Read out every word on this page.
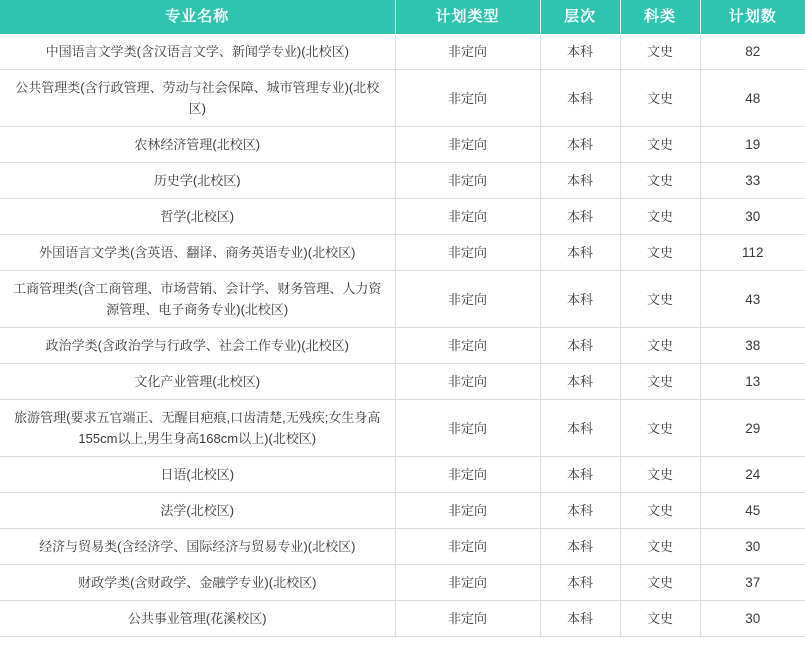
专业名称	计划类型	层次	科类	计划数
中国语言文学类(含汉语言文学、新闻学专业)(北校区)	非定向	本科	文史	82
公共管理类(含行政管理、劳动与社会保障、城市管理专业)(北校区)	非定向	本科	文史	48
农林经济管理(北校区)	非定向	本科	文史	19
历史学(北校区)	非定向	本科	文史	33
哲学(北校区)	非定向	本科	文史	30
外国语言文学类(含英语、翻译、商务英语专业)(北校区)	非定向	本科	文史	112
工商管理类(含工商管理、市场营销、会计学、财务管理、人力资源管理、电子商务专业)(北校区)	非定向	本科	文史	43
政治学类(含政治学与行政学、社会工作专业)(北校区)	非定向	本科	文史	38
文化产业管理(北校区)	非定向	本科	文史	13
旅游管理(要求五官端正、无醒目疤痕,口齿清楚,无残疾;女生身高155cm以上,男生身高168cm以上)(北校区)	非定向	本科	文史	29
日语(北校区)	非定向	本科	文史	24
法学(北校区)	非定向	本科	文史	45
经济与贸易类(含经济学、国际经济与贸易专业)(北校区)	非定向	本科	文史	30
财政学类(含财政学、金融学专业)(北校区)	非定向	本科	文史	37
公共事业管理(花溪校区)	非定向	本科	文史	30
